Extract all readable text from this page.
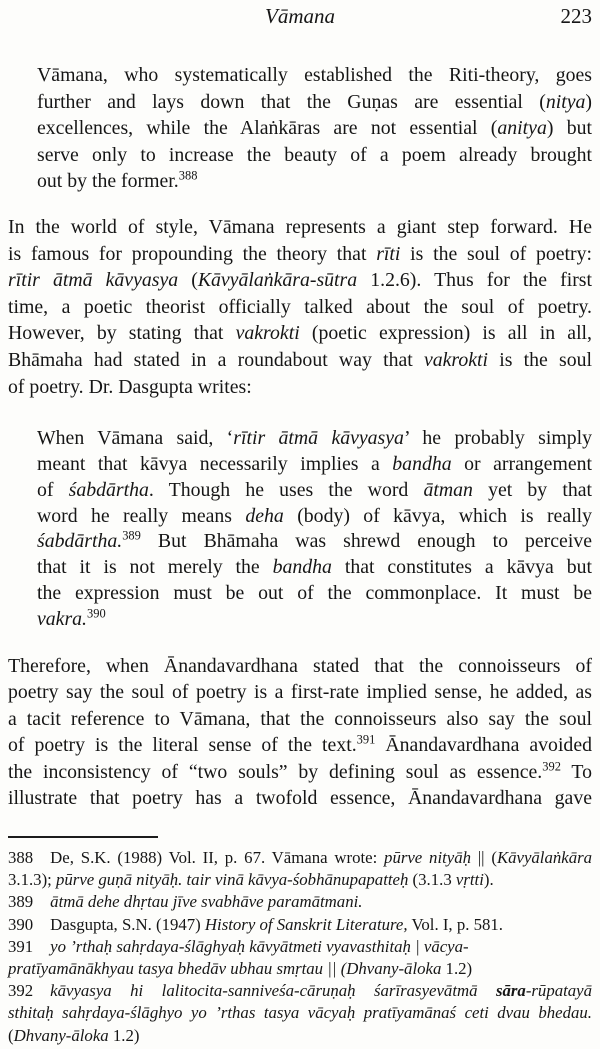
Vāmana	223
Vāmana, who systematically established the Riti-theory, goes
further and lays down that the Guṇas are essential (nitya)
excellences, while the Alaṅkāras are not essential (anitya) but
serve only to increase the beauty of a poem already brought
out by the former.$^{388}$
In the world of style, Vāmana represents a giant step forward. He
is famous for propounding the theory that rīti is the soul of poetry:
rītir ātmā kāvyasya (Kāvyālaṅkāra-sūtra 1.2.6). Thus for the first
time, a poetic theorist officially talked about the soul of poetry.
However, by stating that vakrokti (poetic expression) is all in all,
Bhāmaha had stated in a roundabout way that vakrokti is the soul
of poetry. Dr. Dasgupta writes:
When Vāmana said, ‘rītir ātmā kāvyasya’ he probably simply
meant that kāvya necessarily implies a bandha or arrangement
of śabdārtha. Though he uses the word ātman yet by that
word he really means deha (body) of kāvya, which is really
śabdārtha.$^{389}$ But Bhāmaha was shrewd enough to perceive
that it is not merely the bandha that constitutes a kāvya but
the expression must be out of the commonplace. It must be
vakra.$^{390}$
Therefore, when Ānandavardhana stated that the connoisseurs of
poetry say the soul of poetry is a first-rate implied sense, he added, as
a tacit reference to Vāmana, that the connoisseurs also say the soul
of poetry is the literal sense of the text.$^{391}$ Ānandavardhana avoided
the inconsistency of “two souls” by defining soul as essence.$^{392}$ To
illustrate that poetry has a twofold essence, Ānandavardhana gave
388 De, S.K. (1988) Vol. II, p. 67. Vāmana wrote: pūrve nityāḥ || (Kāvyālaṅkāra
3.1.3); pūrve guṇā nityāḥ. tair vinā kāvya-śobhānupapatteḥ (3.1.3 vṛtti).
389 ātmā dehe dhṛtau jīve svabhāve paramātmani.
390 Dasgupta, S.N. (1947) History of Sanskrit Literature, Vol. I, p. 581.
391 yo ’rthaḥ sahṛdaya-ślāghyaḥ kāvyātmeti vyavasthitaḥ | vācya-
pratīyamānākhyau tasya bhedāv ubhau smṛtau || (Dhvany-āloka 1.2)
392 kāvyasya hi lalitocita-sanniveśa-cāruṇaḥ śarīrasyevātmā sāra-rūpatayā
sthitaḥ sahṛdaya-ślāghyo yo ’rthas tasya vācyaḥ pratīyamānaś ceti dvau bhedau.
(Dhvany-āloka 1.2)
